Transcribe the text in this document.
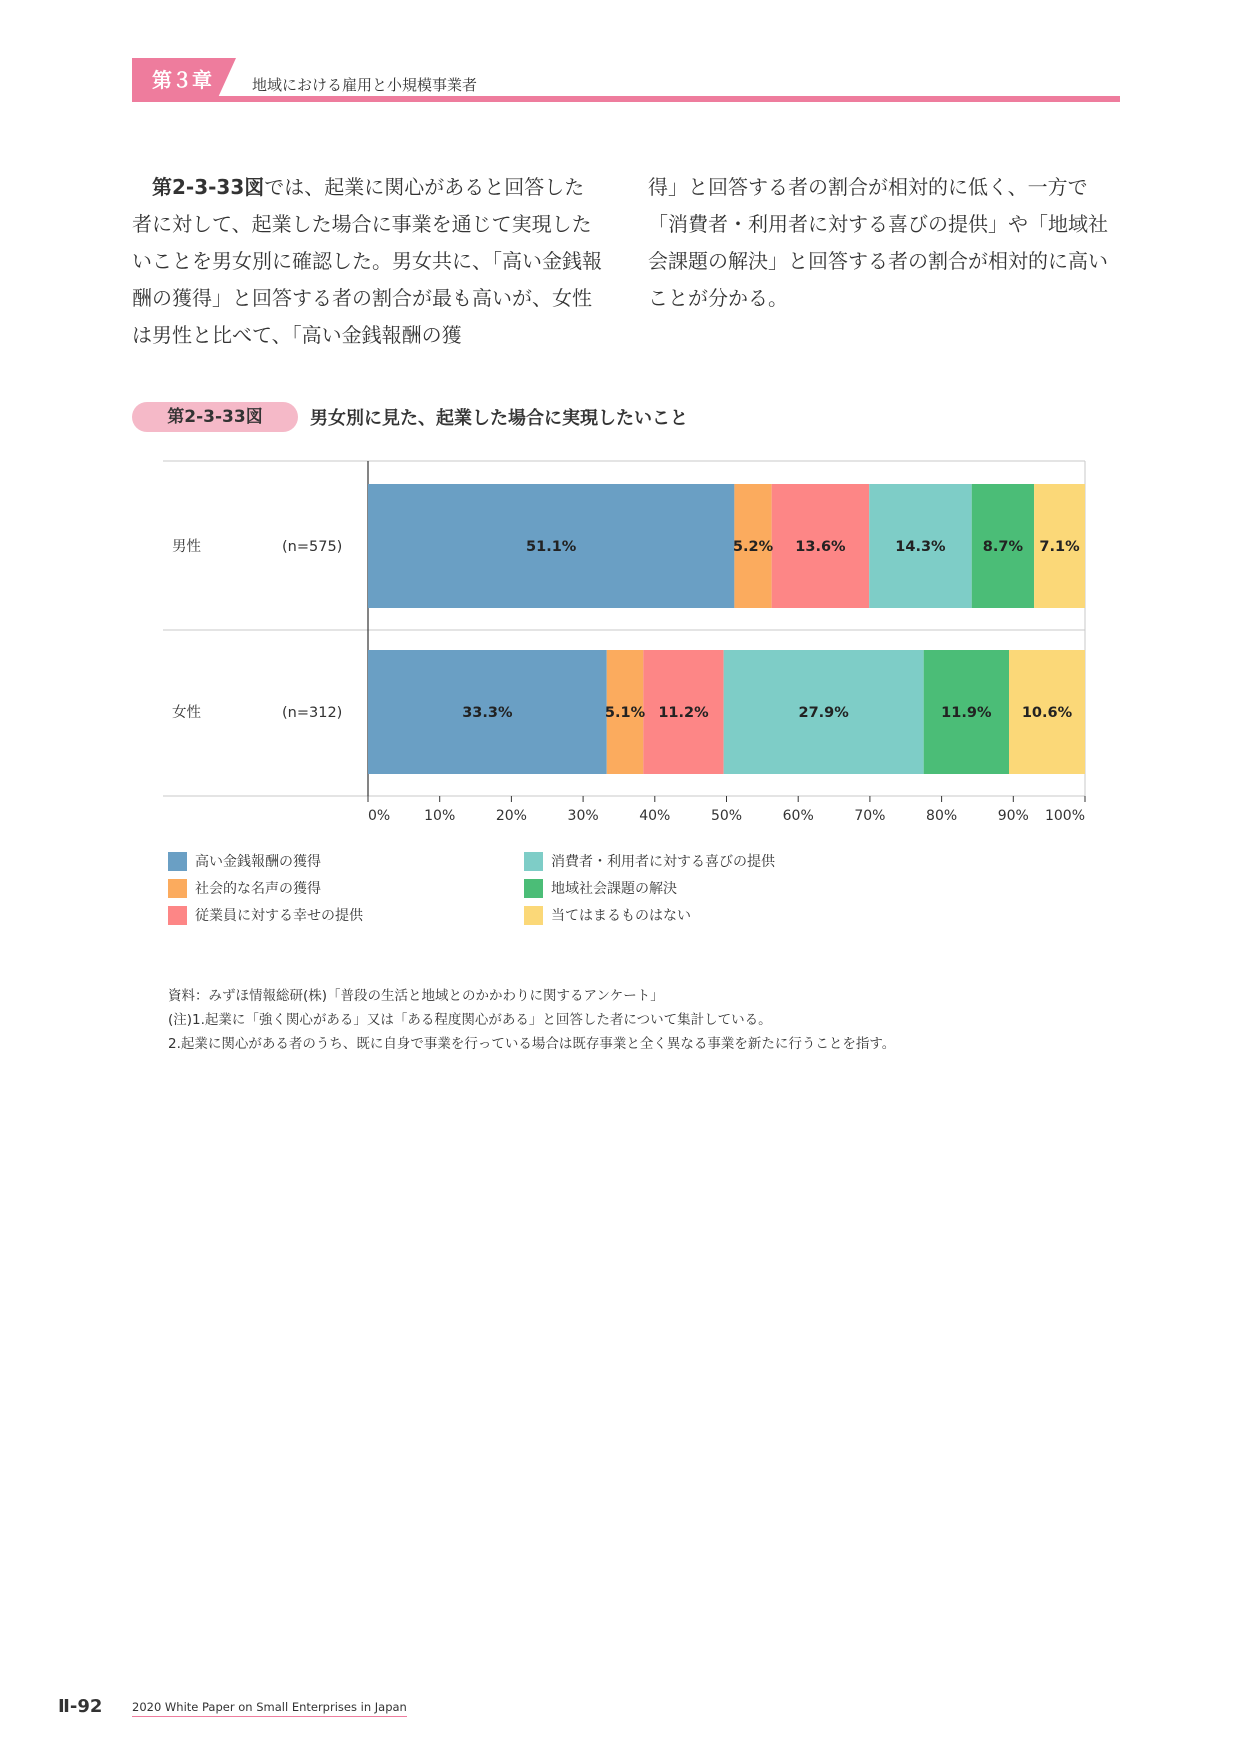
第３章	地域における雇用と小規模事業者

第2-3-33図では、起業に関心があると回答した者に対して、起業した場合に事業を通じて実現したいことを男女別に確認した。男女共に、「高い金銭報酬の獲得」と回答する者の割合が最も高いが、女性は男性と比べて、「高い金銭報酬の獲

得」と回答する者の割合が相対的に低く、一方で「消費者・利用者に対する喜びの提供」や「地域社会課題の解決」と回答する者の割合が相対的に高いことが分かる。

第2-3-33図	男女別に見た、起業した場合に実現したいこと
51.1%	5.2% 13.6%	14.3%	8.7% 7.1%
男性	(n=575)
33.3%	5.1% 11.2%	27.9%	11.9% 10.6%
女性	(n=312)
0% 10%	20%	30%	40%	50%	60%	70%	80%	90% 100%
高い金銭報酬の獲得
社会的な名声の獲得
従業員に対する幸せの提供
消費者・利用者に対する喜びの提供
地域社会課題の解決
当てはまるものはない
資料：みずほ情報総研(株)「普段の生活と地域とのかかわりに関するアンケート」
(注)1.起業に「強く関心がある」又は「ある程度関心がある」と回答した者について集計している。
2.起業に関心がある者のうち、既に自身で事業を行っている場合は既存事業と全く異なる事業を新たに行うことを指す。
Ⅱ-92	2020 White Paper on Small Enterprises in Japan
